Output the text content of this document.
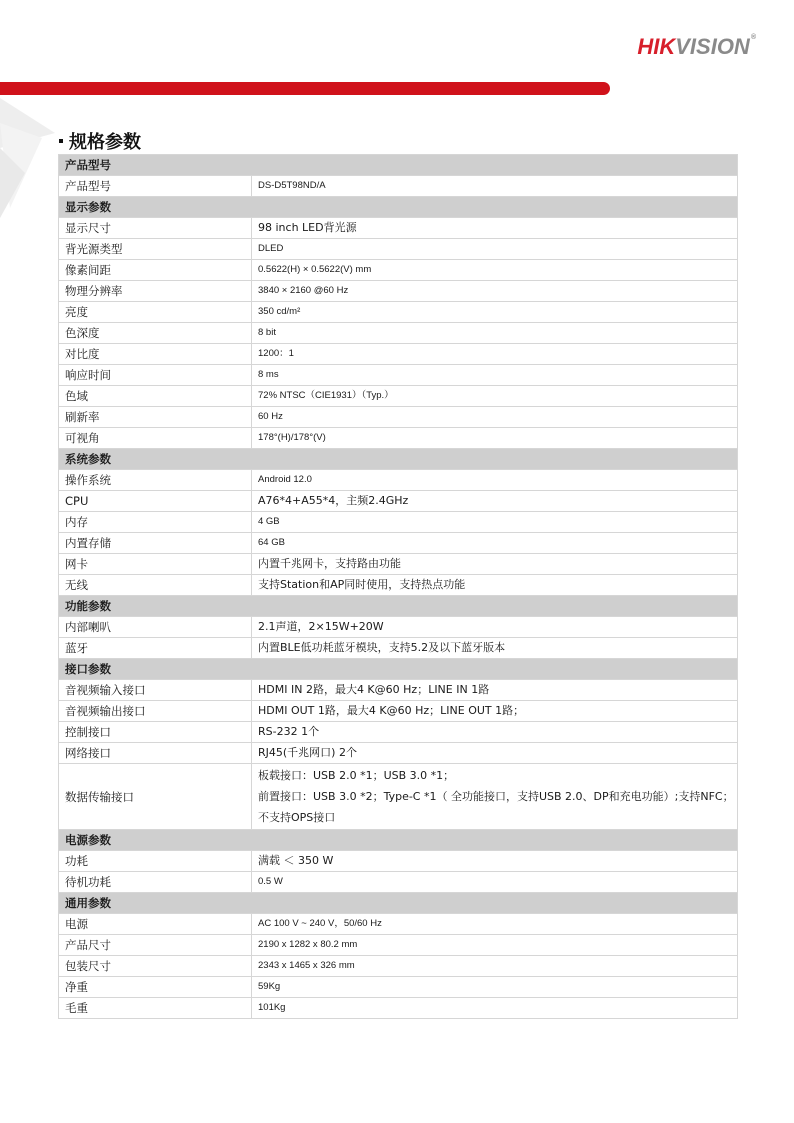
HIKVISION®
规格参数
产品型号	
产品型号	DS-D5T98ND/A
显示参数	
显示尺寸	98 inch LED背光源
背光源类型	DLED
像素间距	0.5622(H) × 0.5622(V) mm
物理分辨率	3840 × 2160 @60 Hz
亮度	350 cd/m²
色深度	8 bit
对比度	1200：1
响应时间	8 ms
色域	72% NTSC（CIE1931）（Typ.）
刷新率	60 Hz
可视角	178°(H)/178°(V)
系统参数	
操作系统	Android 12.0
CPU	A76*4+A55*4，主频2.4GHz
内存	4 GB
内置存储	64 GB
网卡	内置千兆网卡，支持路由功能
无线	支持Station和AP同时使用，支持热点功能
功能参数	
内部喇叭	2.1声道，2×15W+20W
蓝牙	内置BLE低功耗蓝牙模块，支持5.2及以下蓝牙版本
接口参数	
音视频输入接口	HDMI IN 2路，最大4 K@60 Hz；LINE IN 1路
音视频输出接口	HDMI OUT 1路，最大4 K@60 Hz；LINE OUT 1路；
控制接口	RS-232 1个
网络接口	RJ45(千兆网口) 2个
数据传输接口	板载接口：USB 2.0 *1；USB 3.0 *1；
前置接口：USB 3.0 *2；Type-C *1（ 全功能接口，支持USB 2.0、DP和充电功能）;支持NFC；
不支持OPS接口

电源参数	
功耗	满载 ＜ 350 W
待机功耗	0.5 W
通用参数	
电源	AC 100 V ~ 240 V，50/60 Hz
产品尺寸	2190 x 1282 x 80.2 mm
包装尺寸	2343 x 1465 x 326 mm
净重	59Kg
毛重	101Kg
